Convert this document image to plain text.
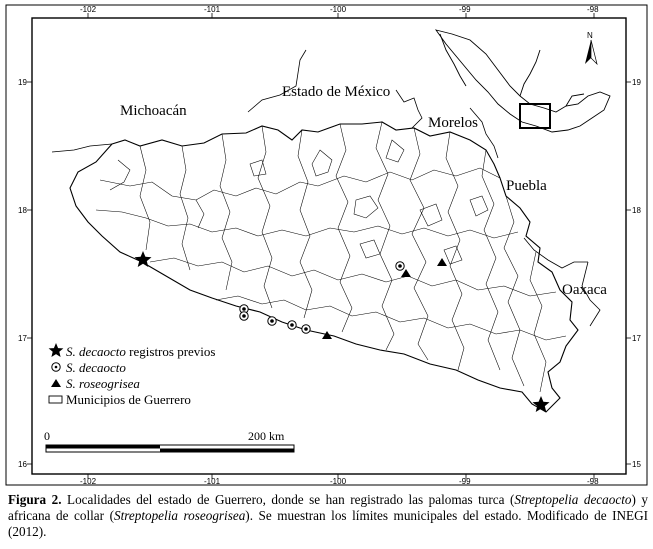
-102	-101	-100	-99	-98
-102	-101	-100	-99	-98
19
18
17
16
19
18
17
15
Michoacán
Estado de México
Morelos
Puebla
Oaxaca
N
S. decaocto registros previos
S. decaocto
S. roseogrisea
Municipios de Guerrero
0	200 km
Figura 2. Localidades del estado de Guerrero, donde se han registrado las palomas turca (Streptopelia decaocto) y africana de collar (Streptopelia roseogrisea). Se muestran los límites municipales del estado. Modificado de INEGI (2012).
